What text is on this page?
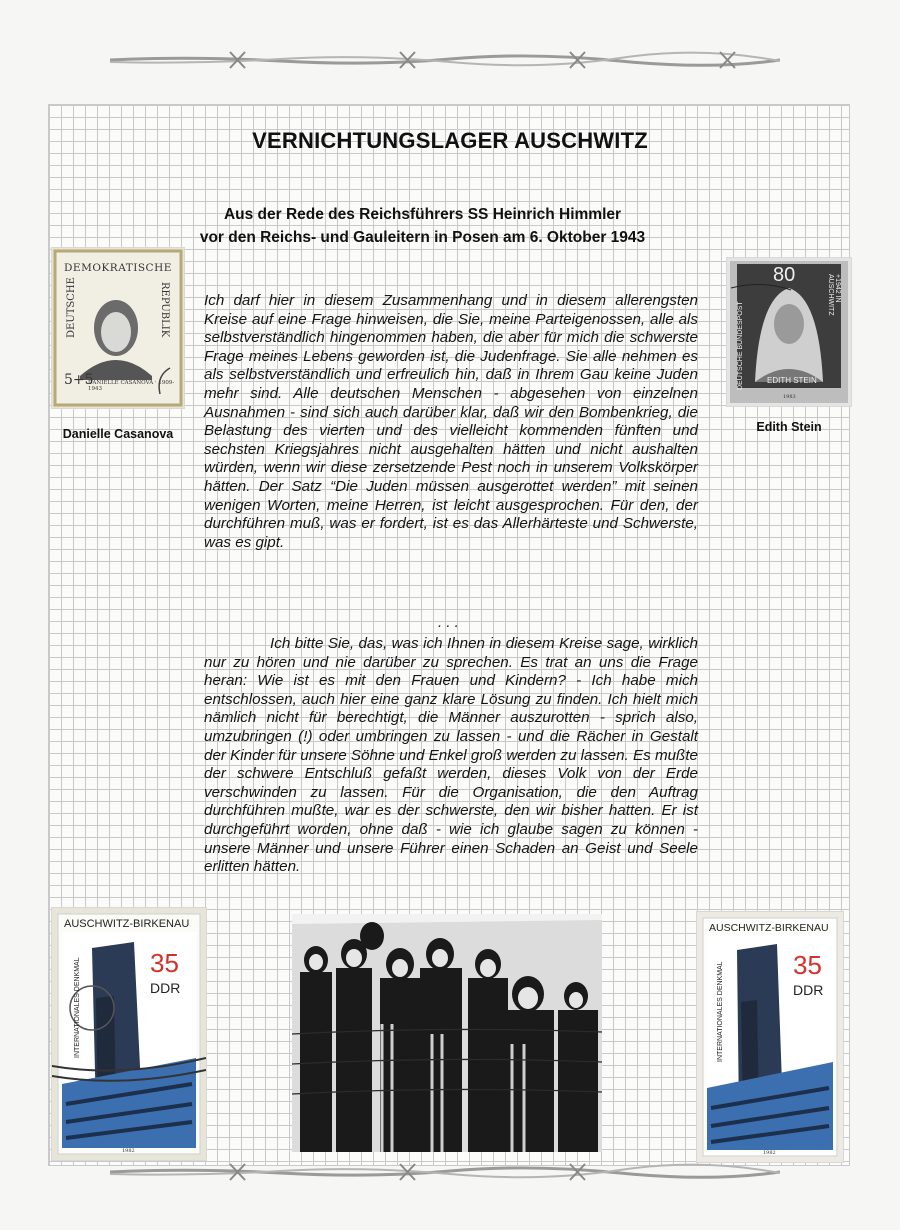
VERNICHTUNGSLAGER AUSCHWITZ
Aus der Rede des Reichsführers SS Heinrich Himmler
vor den Reichs- und Gauleitern in Posen am 6. Oktober 1943

Ich darf hier in diesem Zusammenhang und in diesem allerengsten Kreise auf eine Frage hinweisen, die Sie, meine Parteigenossen, alle als selbstverständlich hingenommen haben, die aber für mich die schwerste Frage meines Lebens geworden ist, die Judenfrage. Sie alle nehmen es als selbstverständlich und erfreulich hin, daß in Ihrem Gau keine Juden mehr sind. Alle deutschen Menschen - abgesehen von einzelnen Ausnahmen - sind sich auch darüber klar, daß wir den Bombenkrieg, die Belastung des vierten und des vielleicht kommenden fünften und sechsten Kriegsjahres nicht ausgehalten hätten und nicht aushalten würden, wenn wir diese zersetzende Pest noch in unserem Volkskörper hätten. Der Satz “Die Juden müssen ausgerottet werden” mit seinen wenigen Worten, meine Herren, ist leicht ausgesprochen. Für den, der durchführen muß, was er fordert, ist es das Allerhärteste und Schwerste, was es gipt.

. . .

Ich bitte Sie, das, was ich Ihnen in diesem Kreise sage, wirklich nur zu hören und nie darüber zu sprechen. Es trat an uns die Frage heran: Wie ist es mit den Frauen und Kindern? - Ich habe mich entschlossen, auch hier eine ganz klare Lösung zu finden. Ich hielt mich nämlich nicht für berechtigt, die Männer auszurotten - sprich also, umzubringen (!) oder umbringen zu lassen - und die Rächer in Gestalt der Kinder für unsere Söhne und Enkel groß werden zu lassen. Es mußte der schwere Entschluß gefaßt werden, dieses Volk von der Erde verschwinden zu lassen. Für die Organisation, die den Auftrag durchführen mußte, war es der schwerste, den wir bisher hatten. Er ist durchgeführt worden, ohne daß - wie ich glaube sagen zu können - unsere Männer und unsere Führer einen Schaden an Geist und Seele erlitten hätten.

DEMOKRATISCHE
DEUTSCHE	REPUBLIK
5+5
DANIELLE CASANOVA · 1909-1943
Danielle Casanova
80
DEUTSCHE BUNDESPOST
+1942 IN AUSCHWITZ
EDITH STEIN
1983
Edith Stein
AUSCHWITZ-BIRKENAU
35
DDR
INTERNATIONALES DENKMAL
1982
AUSCHWITZ-BIRKENAU
35
DDR
INTERNATIONALES DENKMAL
1982
